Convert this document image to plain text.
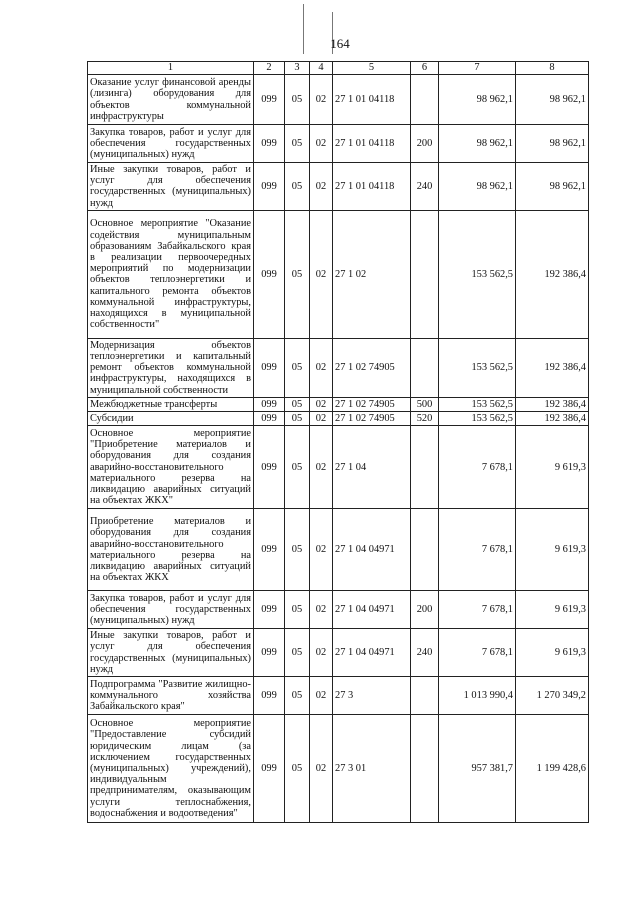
164
1	2	3	4	5	6	7	8
Оказание услуг финансовой аренды (лизинга) оборудования для объектов коммунальной инфраструктуры	099	05	02	27 1 01 04118		98 962,1	98 962,1
Закупка товаров, работ и услуг для обеспечения государственных (муниципальных) нужд	099	05	02	27 1 01 04118	200	98 962,1	98 962,1
Иные закупки товаров, работ и услуг для обеспечения государственных (муниципальных) нужд	099	05	02	27 1 01 04118	240	98 962,1	98 962,1
Основное мероприятие "Оказание содействия муниципальным образованиям Забайкальского края в реализации первоочередных мероприятий по модернизации объектов теплоэнергетики и капитального ремонта объектов коммунальной инфраструктуры, находящихся в муниципальной собственности"	099	05	02	27 1 02		153 562,5	192 386,4
Модернизация объектов теплоэнергетики и капитальный ремонт объектов коммунальной инфраструктуры, находящихся в муниципальной собственности	099	05	02	27 1 02 74905		153 562,5	192 386,4
Межбюджетные трансферты	099	05	02	27 1 02 74905	500	153 562,5	192 386,4
Субсидии	099	05	02	27 1 02 74905	520	153 562,5	192 386,4
Основное мероприятие "Приобретение материалов и оборудования для создания аварийно-восстановительного материального резерва на ликвидацию аварийных ситуаций на объектах ЖКХ"	099	05	02	27 1 04		7 678,1	9 619,3
Приобретение материалов и оборудования для создания аварийно-восстановительного материального резерва на ликвидацию аварийных ситуаций на объектах ЖКХ	099	05	02	27 1 04 04971		7 678,1	9 619,3
Закупка товаров, работ и услуг для обеспечения государственных (муниципальных) нужд	099	05	02	27 1 04 04971	200	7 678,1	9 619,3
Иные закупки товаров, работ и услуг для обеспечения государственных (муниципальных) нужд	099	05	02	27 1 04 04971	240	7 678,1	9 619,3
Подпрограмма "Развитие жилищно-коммунального хозяйства Забайкальского края"	099	05	02	27 3		1 013 990,4	1 270 349,2
Основное мероприятие "Предоставление субсидий юридическим лицам (за исключением государственных (муниципальных) учреждений), индивидуальным предпринимателям, оказывающим услуги теплоснабжения, водоснабжения и водоотведения"	099	05	02	27 3 01		957 381,7	1 199 428,6
